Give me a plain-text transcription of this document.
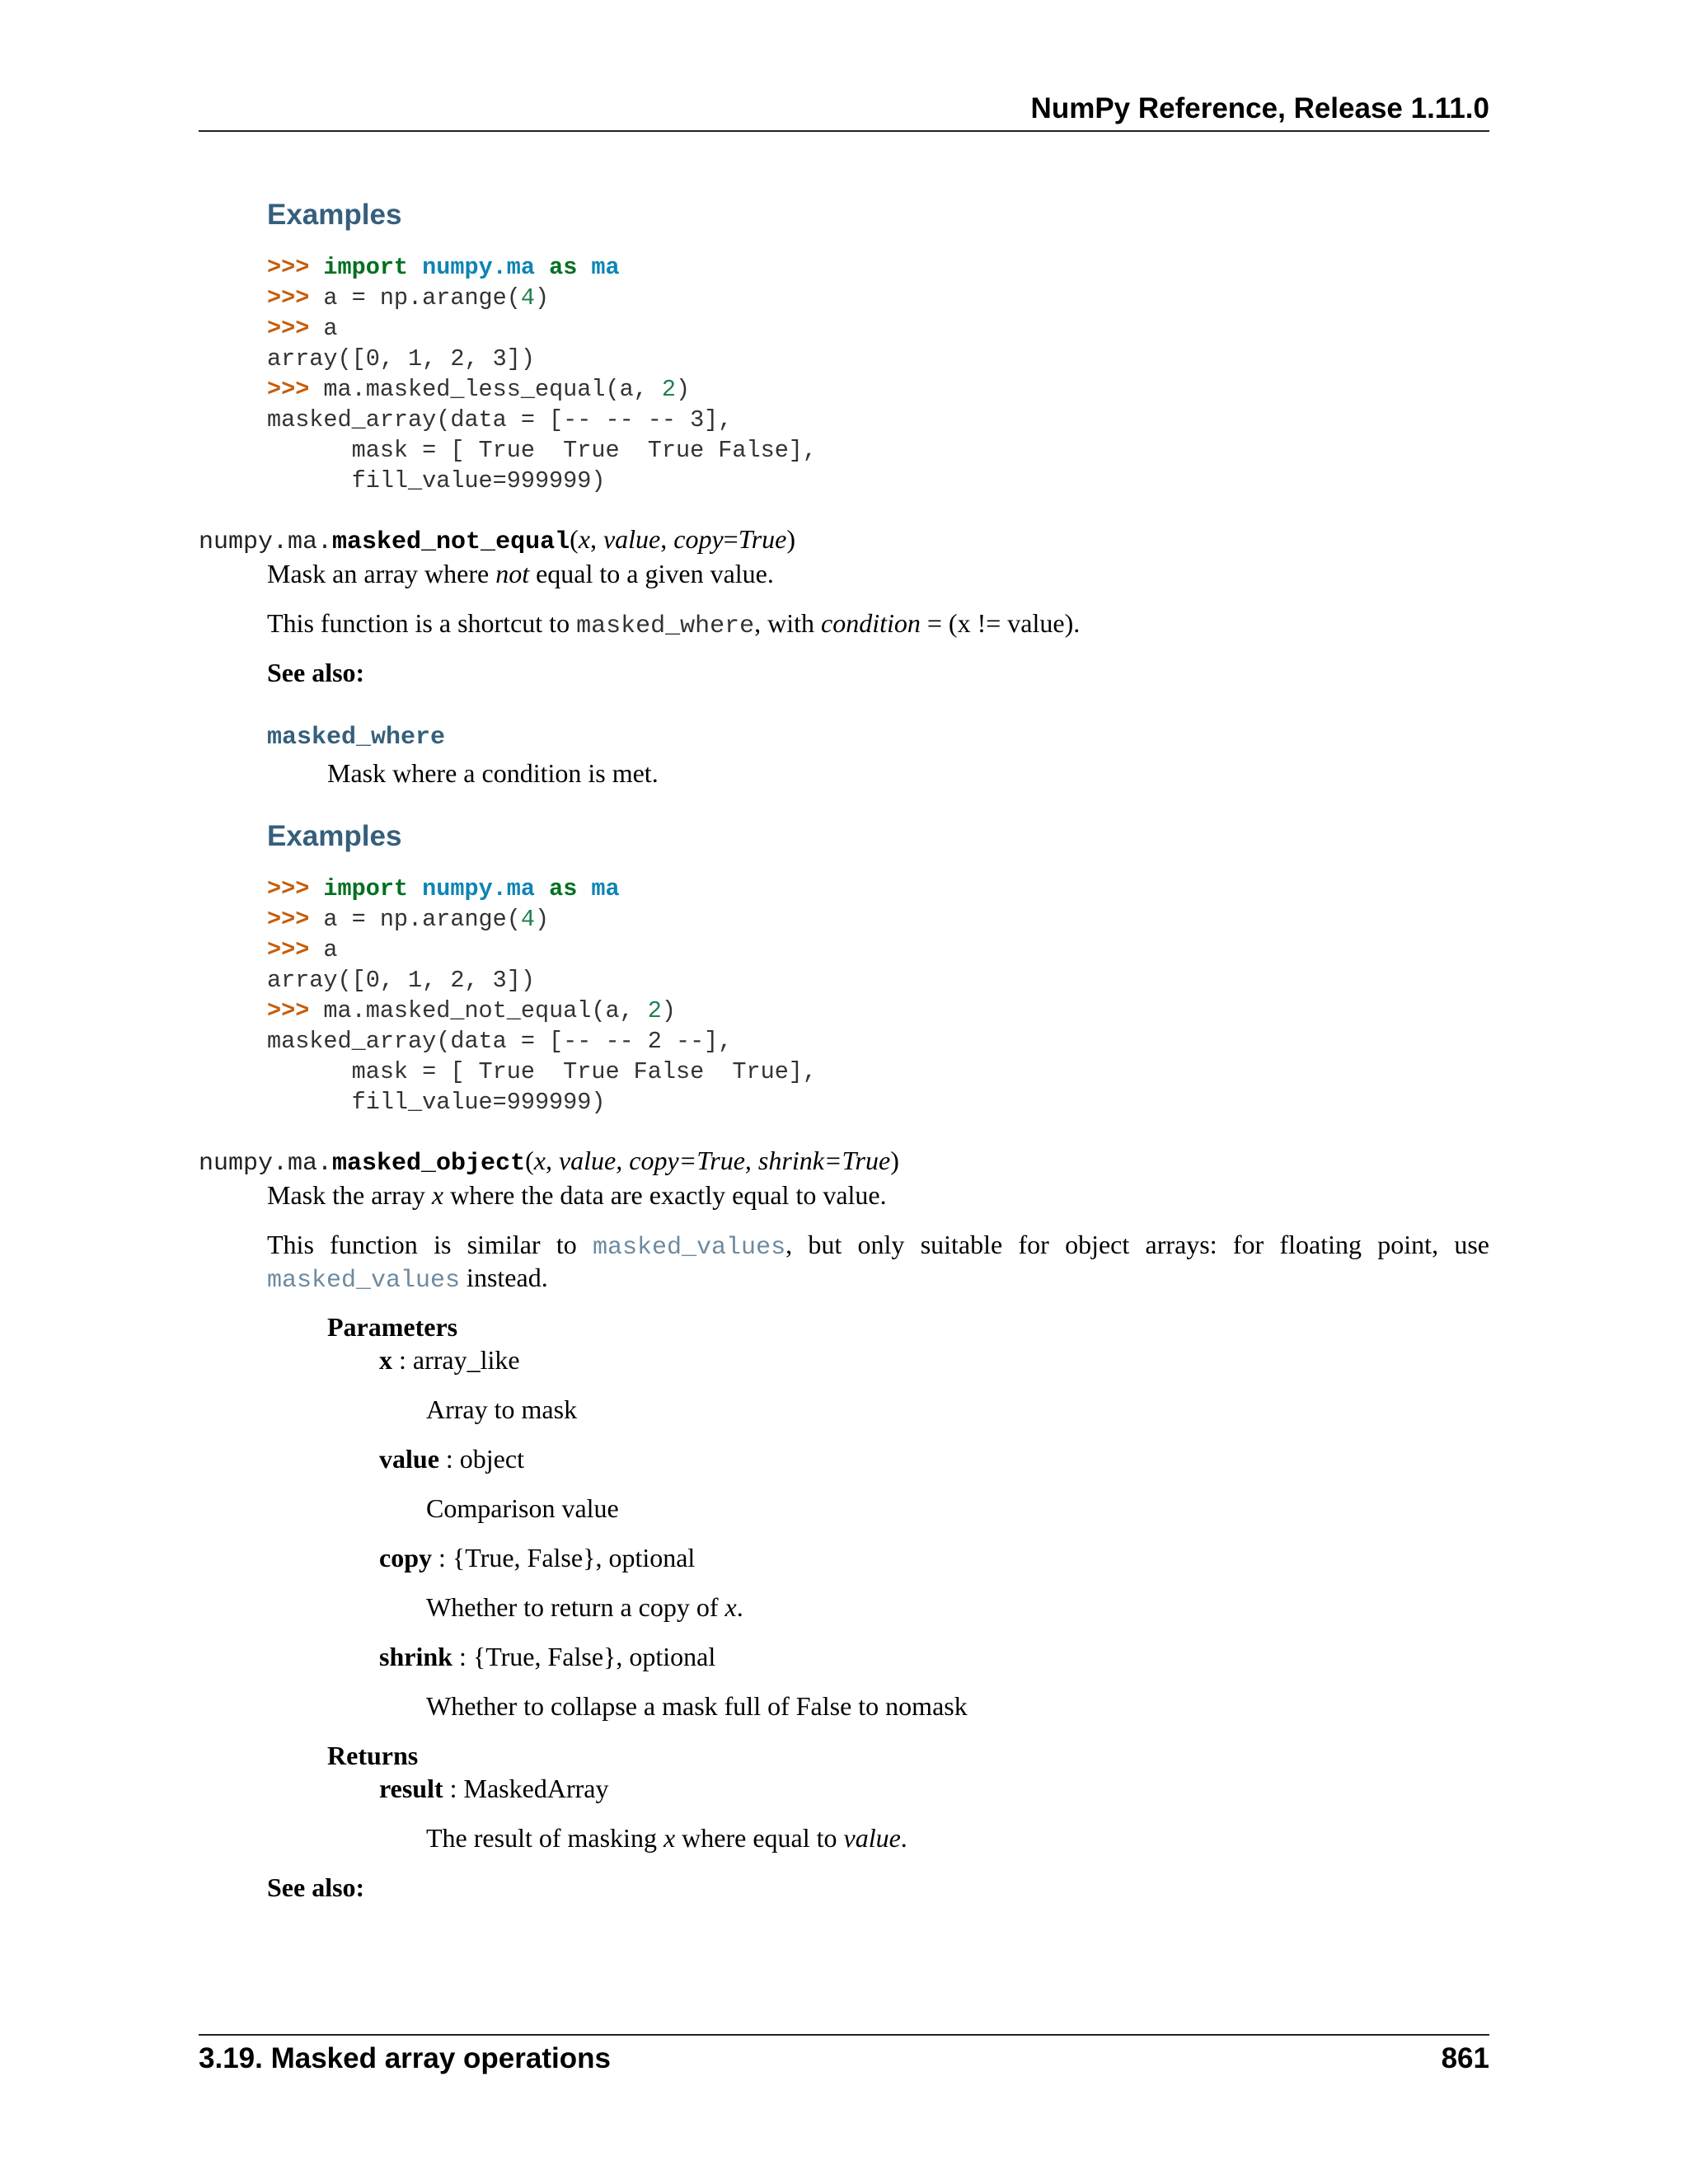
NumPy Reference, Release 1.11.0
Examples
>>> import numpy.ma as ma
>>> a = np.arange(4)
>>> a
array([0, 1, 2, 3])
>>> ma.masked_less_equal(a, 2)
masked_array(data = [-- -- -- 3],
mask = [ True  True  True False],
fill_value=999999)
numpy.ma.masked_not_equal(x, value, copy=True)
Mask an array where not equal to a given value.
This function is a shortcut to masked_where, with condition = (x != value).
See also:
masked_where
Mask where a condition is met.
Examples
>>> import numpy.ma as ma
>>> a = np.arange(4)
>>> a
array([0, 1, 2, 3])
>>> ma.masked_not_equal(a, 2)
masked_array(data = [-- -- 2 --],
mask = [ True  True False  True],
fill_value=999999)
numpy.ma.masked_object(x, value, copy=True, shrink=True)
Mask the array x where the data are exactly equal to value.
This function is similar to masked_values, but only suitable for object arrays: for floating point, use
masked_values instead.
Parameters
x : array_like
Array to mask
value : object
Comparison value
copy : {True, False}, optional
Whether to return a copy of x.
shrink : {True, False}, optional
Whether to collapse a mask full of False to nomask
Returns
result : MaskedArray
The result of masking x where equal to value.
See also:
3.19. Masked array operations	861
